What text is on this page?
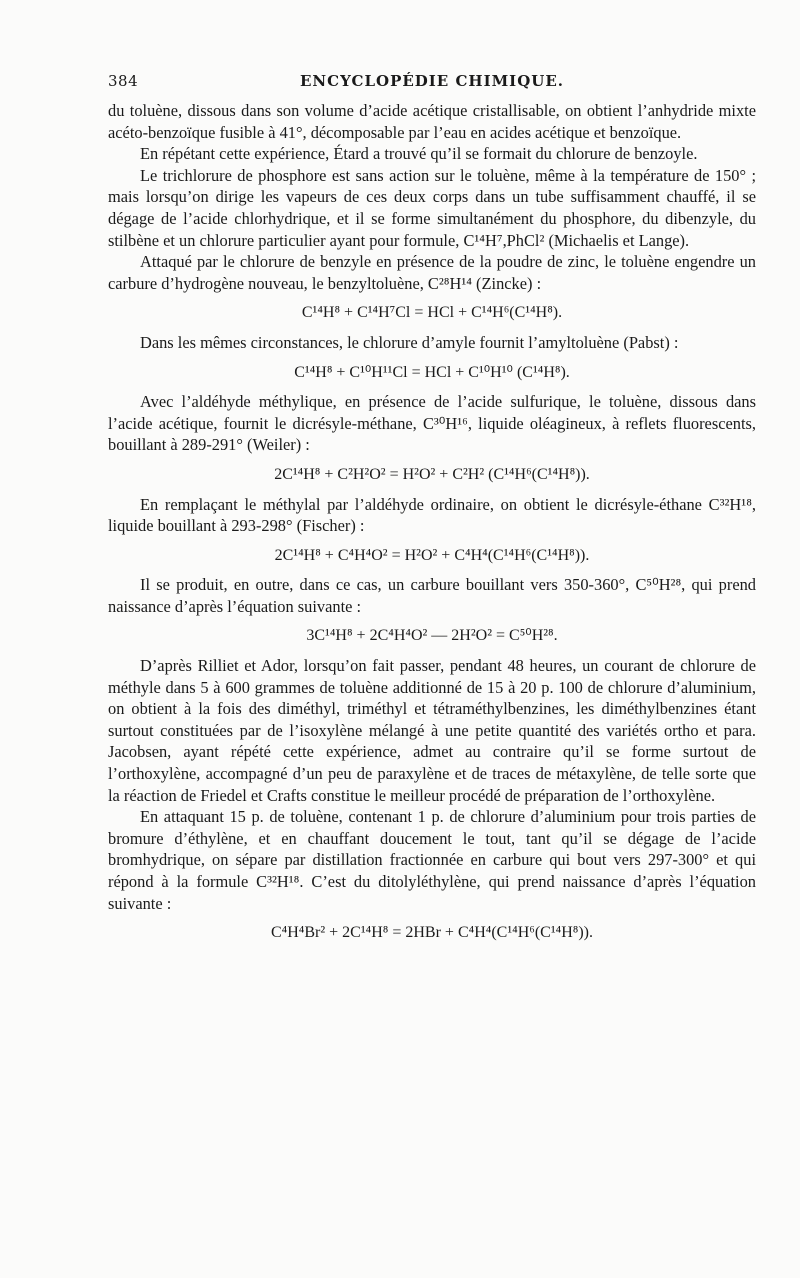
384	ENCYCLOPÉDIE CHIMIQUE.

du toluène, dissous dans son volume d’acide acétique cristallisable, on obtient l’anhydride mixte acéto-benzoïque fusible à 41°, décomposable par l’eau en acides acétique et benzoïque.

En répétant cette expérience, Étard a trouvé qu’il se formait du chlorure de benzoyle.

Le trichlorure de phosphore est sans action sur le toluène, même à la température de 150° ; mais lorsqu’on dirige les vapeurs de ces deux corps dans un tube suffisamment chauffé, il se dégage de l’acide chlorhydrique, et il se forme simultanément du phosphore, du dibenzyle, du stilbène et un chlorure particulier ayant pour formule, C¹⁴H⁷,PhCl² (Michaelis et Lange).

Attaqué par le chlorure de benzyle en présence de la poudre de zinc, le toluène engendre un carbure d’hydrogène nouveau, le benzyltoluène, C²⁸H¹⁴ (Zincke) :

C¹⁴H⁸ + C¹⁴H⁷Cl = HCl + C¹⁴H⁶(C¹⁴H⁸).

Dans les mêmes circonstances, le chlorure d’amyle fournit l’amyltoluène (Pabst) :

C¹⁴H⁸ + C¹⁰H¹¹Cl = HCl + C¹⁰H¹⁰ (C¹⁴H⁸).

Avec l’aldéhyde méthylique, en présence de l’acide sulfurique, le toluène, dissous dans l’acide acétique, fournit le dicrésyle-méthane, C³⁰H¹⁶, liquide oléagineux, à reflets fluorescents, bouillant à 289-291° (Weiler) :

2C¹⁴H⁸ + C²H²O² = H²O² + C²H² (C¹⁴H⁶(C¹⁴H⁸)).

En remplaçant le méthylal par l’aldéhyde ordinaire, on obtient le dicrésyle-éthane C³²H¹⁸, liquide bouillant à 293-298° (Fischer) :

2C¹⁴H⁸ + C⁴H⁴O² = H²O² + C⁴H⁴(C¹⁴H⁶(C¹⁴H⁸)).

Il se produit, en outre, dans ce cas, un carbure bouillant vers 350-360°, C⁵⁰H²⁸, qui prend naissance d’après l’équation suivante :

3C¹⁴H⁸ + 2C⁴H⁴O² — 2H²O² = C⁵⁰H²⁸.

D’après Rilliet et Ador, lorsqu’on fait passer, pendant 48 heures, un courant de chlorure de méthyle dans 5 à 600 grammes de toluène additionné de 15 à 20 p. 100 de chlorure d’aluminium, on obtient à la fois des diméthyl, triméthyl et tétraméthylbenzines, les diméthylbenzines étant surtout constituées par de l’isoxylène mélangé à une petite quantité des variétés ortho et para. Jacobsen, ayant répété cette expérience, admet au contraire qu’il se forme surtout de l’orthoxylène, accompagné d’un peu de paraxylène et de traces de métaxylène, de telle sorte que la réaction de Friedel et Crafts constitue le meilleur procédé de préparation de l’orthoxylène.

En attaquant 15 p. de toluène, contenant 1 p. de chlorure d’aluminium pour trois parties de bromure d’éthylène, et en chauffant doucement le tout, tant qu’il se dégage de l’acide bromhydrique, on sépare par distillation fractionnée en carbure qui bout vers 297-300° et qui répond à la formule C³²H¹⁸. C’est du ditolyléthylène, qui prend naissance d’après l’équation suivante :

C⁴H⁴Br² + 2C¹⁴H⁸ = 2HBr + C⁴H⁴(C¹⁴H⁶(C¹⁴H⁸)).
